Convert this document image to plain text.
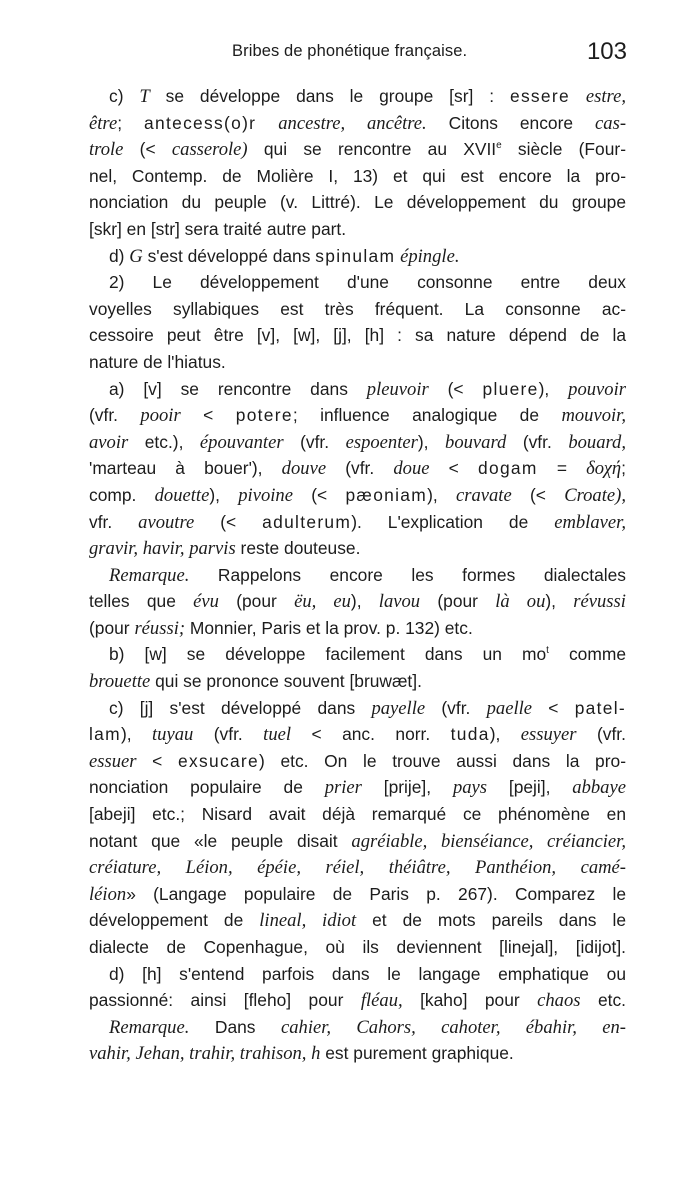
Bribes de phonétique française.	103
c) T se développe dans le groupe [sr] : essere estre,
être; antecess(o)r ancestre, ancêtre. Citons encore cas-
trole (< casserole) qui se rencontre au XVIIe siècle (Four-
nel, Contemp. de Molière I, 13) et qui est encore la pro-
nonciation du peuple (v. Littré). Le développement du groupe
[skr] en [str] sera traité autre part.
d) G s'est développé dans spinulam épingle.
2) Le développement d'une consonne entre deux
voyelles syllabiques est très fréquent. La consonne ac-
cessoire peut être [v], [w], [j], [h] : sa nature dépend de la
nature de l'hiatus.
a) [v] se rencontre dans pleuvoir (< pluere), pouvoir
(vfr. pooir < potere; influence analogique de mouvoir,
avoir etc.), épouvanter (vfr. espoenter), bouvard (vfr. bouard,
'marteau à bouer'), douve (vfr. doue < dogam = δοχή;
comp. douette), pivoine (< pæoniam), cravate (< Croate),
vfr. avoutre (< adulterum). L'explication de emblaver,
gravir, havir, parvis reste douteuse.
Remarque. Rappelons encore les formes dialectales
telles que évu (pour ëu, eu), lavou (pour là ou), révussi
(pour réussi; Monnier, Paris et la prov. p. 132) etc.
b) [w] se développe facilement dans un $mo^t$ comme
brouette qui se prononce souvent [bruwæt].
c) [j] s'est développé dans payelle (vfr. paelle < patel-
lam), tuyau (vfr. tuel < anc. norr. tuda), essuyer (vfr.
essuer < exsucare) etc. On le trouve aussi dans la pro-
nonciation populaire de prier [prije], pays [peji], abbaye
[abeji] etc.; Nisard avait déjà remarqué ce phénomène en
notant que «le peuple disait agréiable, bienséiance, créiancier,
créiature, Léion, épéie, réiel, théiâtre, Panthéion, camé-
léion» (Langage populaire de Paris p. 267). Comparez le
développement de lineal, idiot et de mots pareils dans le
dialecte de Copenhague, où ils deviennent [linejal], [idijot].
d) [h] s'entend parfois dans le langage emphatique ou
passionné: ainsi [fleho] pour fléau, [kaho] pour chaos etc.
Remarque. Dans cahier, Cahors, cahoter, ébahir, en-
vahir, Jehan, trahir, trahison, h est purement graphique.
